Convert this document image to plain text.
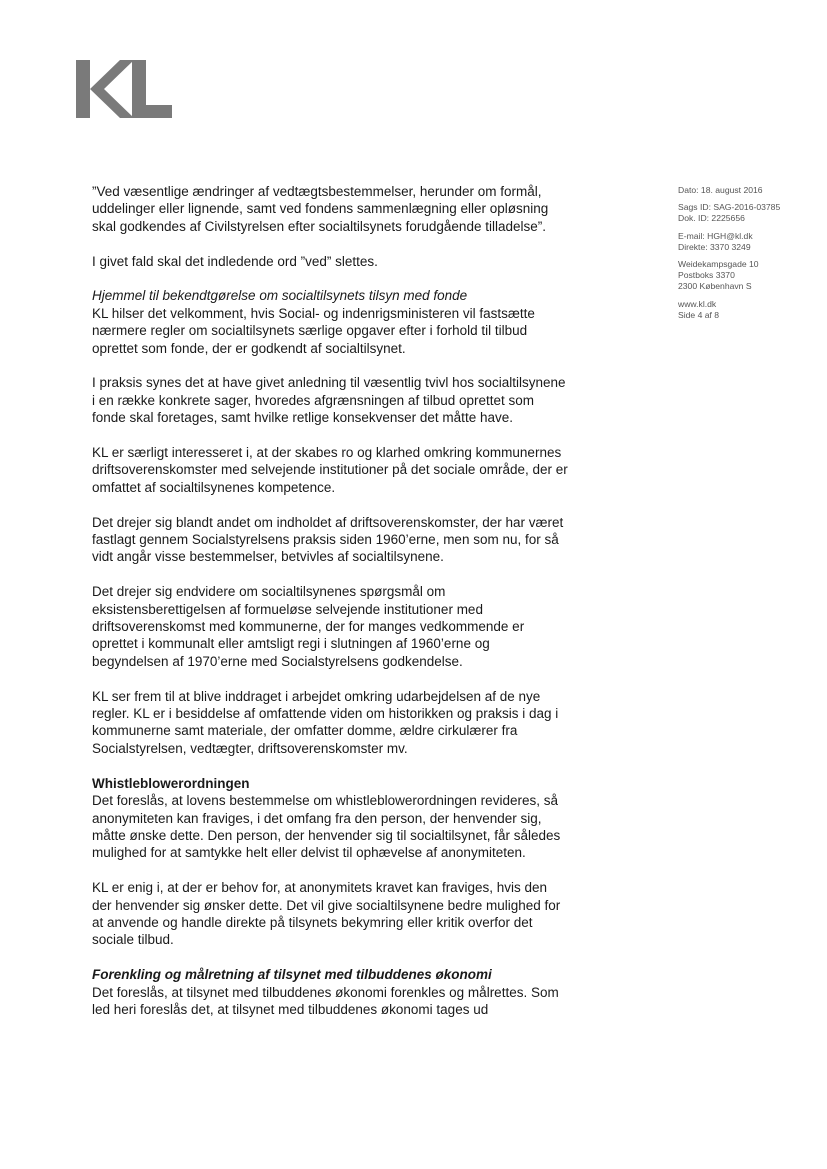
”Ved væsentlige ændringer af vedtægtsbestemmelser, herunder om formål, uddelinger eller lignende, samt ved fondens sammenlægning eller opløsning skal godkendes af Civilstyrelsen efter socialtilsynets forudgående tilladelse”.

I givet fald skal det indledende ord ”ved” slettes.

Hjemmel til bekendtgørelse om socialtilsynets tilsyn med fonde
KL hilser det velkomment, hvis Social- og indenrigsministeren vil fastsætte nærmere regler om socialtilsynets særlige opgaver efter i forhold til tilbud oprettet som fonde, der er godkendt af socialtilsynet.

I praksis synes det at have givet anledning til væsentlig tvivl hos socialtilsynene i en række konkrete sager, hvoredes afgrænsningen af tilbud oprettet som fonde skal foretages, samt hvilke retlige konsekvenser det måtte have.

KL er særligt interesseret i, at der skabes ro og klarhed omkring kommunernes driftsoverenskomster med selvejende institutioner på det sociale område, der er omfattet af socialtilsynenes kompetence.

Det drejer sig blandt andet om indholdet af driftsoverenskomster, der har været fastlagt gennem Socialstyrelsens praksis siden 1960’erne, men som nu, for så vidt angår visse bestemmelser, betvivles af socialtilsynene.

Det drejer sig endvidere om socialtilsynenes spørgsmål om eksistensberettigelsen af formueløse selvejende institutioner med driftsoverenskomst med kommunerne, der for manges vedkommende er oprettet i kommunalt eller amtsligt regi i slutningen af 1960’erne og begyndelsen af 1970’erne med Socialstyrelsens godkendelse.

KL ser frem til at blive inddraget i arbejdet omkring udarbejdelsen af de nye regler. KL er i besiddelse af omfattende viden om historikken og praksis i dag i kommunerne samt materiale, der omfatter domme, ældre cirkulærer fra Socialstyrelsen, vedtægter, driftsoverenskomster mv.

Whistleblowerordningen
Det foreslås, at lovens bestemmelse om whistleblowerordningen revideres, så anonymiteten kan fraviges, i det omfang fra den person, der henvender sig, måtte ønske dette. Den person, der henvender sig til socialtilsynet, får således mulighed for at samtykke helt eller delvist til ophævelse af anonymiteten.

KL er enig i, at der er behov for, at anonymitets kravet kan fraviges, hvis den der henvender sig ønsker dette. Det vil give socialtilsynene bedre mulighed for at anvende og handle direkte på tilsynets bekymring eller kritik overfor det sociale tilbud.

Forenkling og målretning af tilsynet med tilbuddenes økonomi
Det foreslås, at tilsynet med tilbuddenes økonomi forenkles og målrettes. Som led heri foreslås det, at tilsynet med tilbuddenes økonomi tages ud

Dato: 18. august 2016
Sags ID: SAG-2016-03785
Dok. ID: 2225656
E-mail: HGH@kl.dk
Direkte: 3370 3249
Weidekampsgade 10
Postboks 3370
2300 København S
www.kl.dk
Side 4 af 8
